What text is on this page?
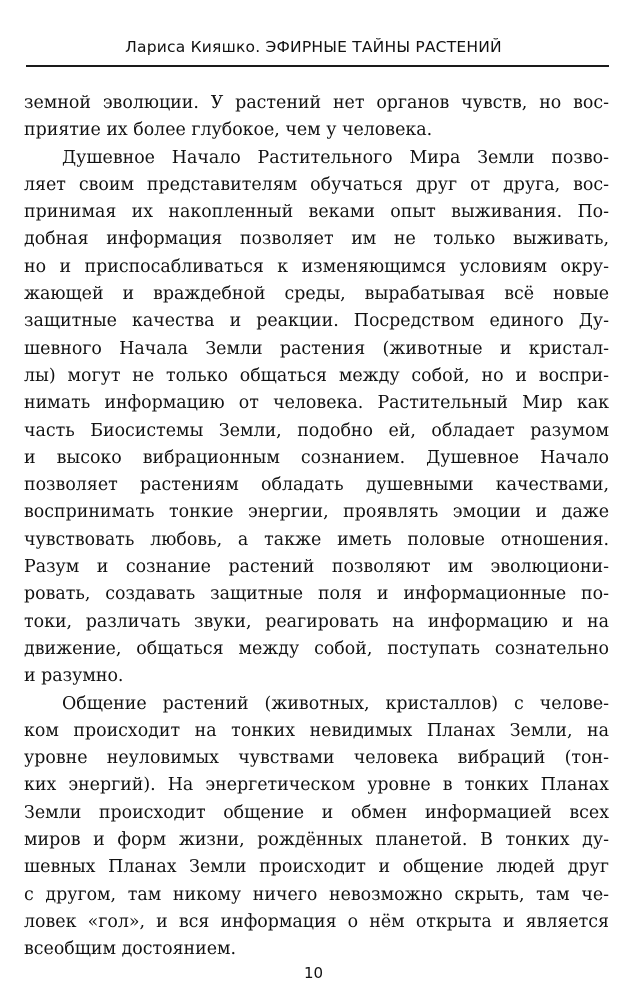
Лариса Кияшко. ЭФИРНЫЕ ТАЙНЫ РАСТЕНИЙ

земной эволюции. У растений нет органов чувств, но вос-
приятие их более глубокое, чем у человека.

Душевное Начало Растительного Мира Земли позво-
ляет своим представителям обучаться друг от друга, вос-
принимая их накопленный веками опыт выживания. По-
добная информация позволяет им не только выживать,
но и приспосабливаться к изменяющимся условиям окру-
жающей и враждебной среды, вырабатывая всё новые
защитные качества и реакции. Посредством единого Ду-
шевного Начала Земли растения (животные и кристал-
лы) могут не только общаться между собой, но и воспри-
нимать информацию от человека. Растительный Мир как
часть Биосистемы Земли, подобно ей, обладает разумом
и высоко вибрационным сознанием. Душевное Начало
позволяет растениям обладать душевными качествами,
воспринимать тонкие энергии, проявлять эмоции и даже
чувствовать любовь, а также иметь половые отношения.
Разум и сознание растений позволяют им эволюциони-
ровать, создавать защитные поля и информационные по-
токи, различать звуки, реагировать на информацию и на
движение, общаться между собой, поступать сознательно
и разумно.

Общение растений (животных, кристаллов) с челове-
ком происходит на тонких невидимых Планах Земли, на
уровне неуловимых чувствами человека вибраций (тон-
ких энергий). На энергетическом уровне в тонких Планах
Земли происходит общение и обмен информацией всех
миров и форм жизни, рождённых планетой. В тонких ду-
шевных Планах Земли происходит и общение людей друг
с другом, там никому ничего невозможно скрыть, там че-
ловек «гол», и вся информация о нём открыта и является
всеобщим достоянием.

10
